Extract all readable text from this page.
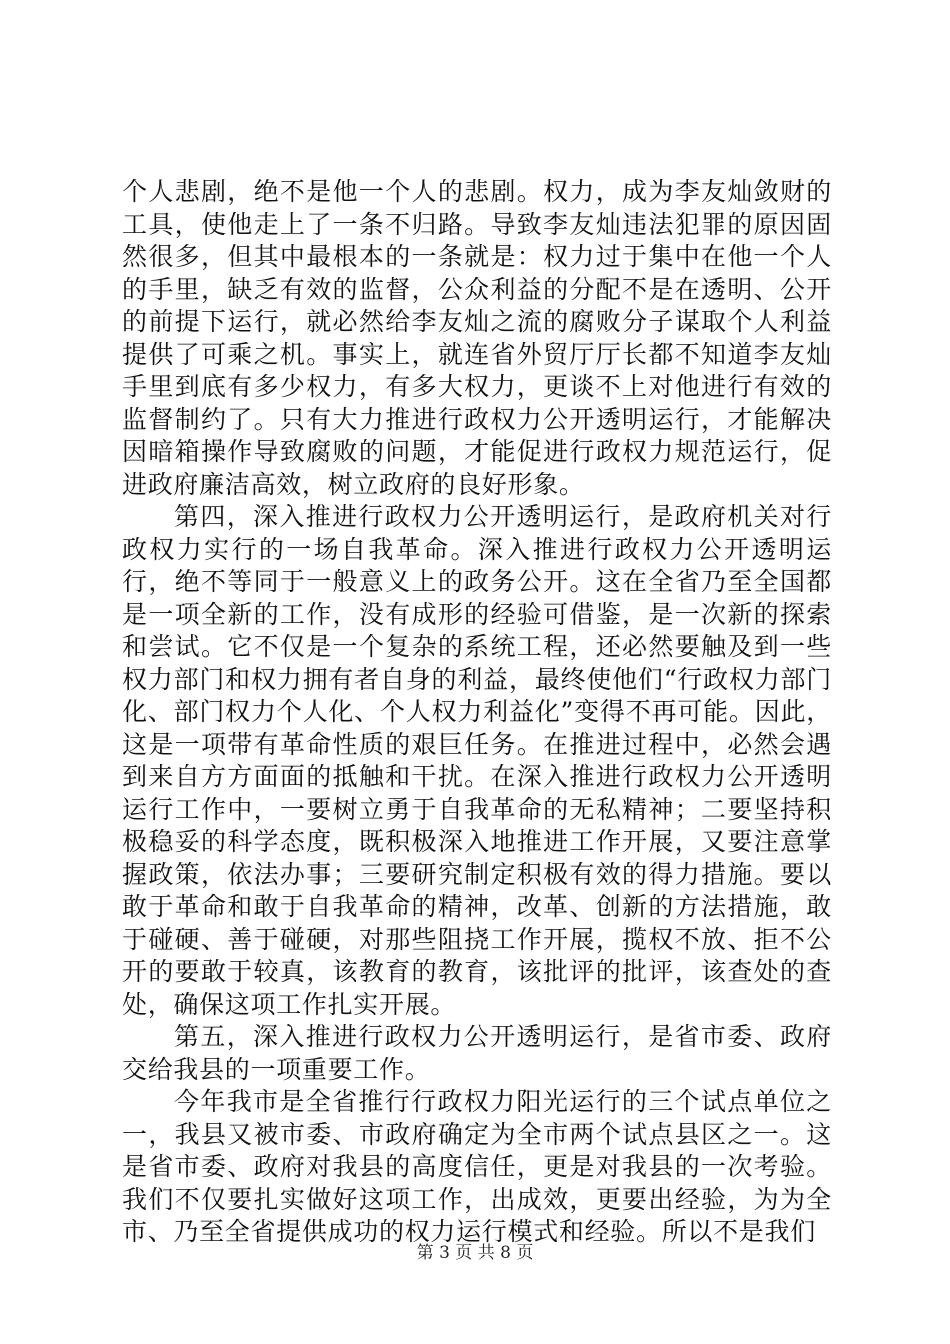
个人悲剧，绝不是他一个人的悲剧。权力，成为李友灿敛财的工具，使他走上了一条不归路。导致李友灿违法犯罪的原因固然很多，但其中最根本的一条就是：权力过于集中在他一个人的手里，缺乏有效的监督，公众利益的分配不是在透明、公开的前提下运行，就必然给李友灿之流的腐败分子谋取个人利益提供了可乘之机。事实上，就连省外贸厅厅长都不知道李友灿手里到底有多少权力，有多大权力，更谈不上对他进行有效的监督制约了。只有大力推进行政权力公开透明运行，才能解决因暗箱操作导致腐败的问题，才能促进行政权力规范运行，促进政府廉洁高效，树立政府的良好形象。

第四，深入推进行政权力公开透明运行，是政府机关对行政权力实行的一场自我革命。深入推进行政权力公开透明运行，绝不等同于一般意义上的政务公开。这在全省乃至全国都是一项全新的工作，没有成形的经验可借鉴，是一次新的探索和尝试。它不仅是一个复杂的系统工程，还必然要触及到一些权力部门和权力拥有者自身的利益，最终使他们“行政权力部门化、部门权力个人化、个人权力利益化”变得不再可能。因此，这是一项带有革命性质的艰巨任务。在推进过程中，必然会遇到来自方方面面的抵触和干扰。在深入推进行政权力公开透明运行工作中，一要树立勇于自我革命的无私精神；二要坚持积极稳妥的科学态度，既积极深入地推进工作开展，又要注意掌握政策，依法办事；三要研究制定积极有效的得力措施。要以敢于革命和敢于自我革命的精神，改革、创新的方法措施，敢于碰硬、善于碰硬，对那些阻挠工作开展，揽权不放、拒不公开的要敢于较真，该教育的教育，该批评的批评，该查处的查处，确保这项工作扎实开展。

第五，深入推进行政权力公开透明运行，是省市委、政府交给我县的一项重要工作。

今年我市是全省推行行政权力阳光运行的三个试点单位之一，我县又被市委、市政府确定为全市两个试点县区之一。这是省市委、政府对我县的高度信任，更是对我县的一次考验。我们不仅要扎实做好这项工作，出成效，更要出经验，为为全市、乃至全省提供成功的权力运行模式和经验。所以不是我们

第 3 页 共 8 页
